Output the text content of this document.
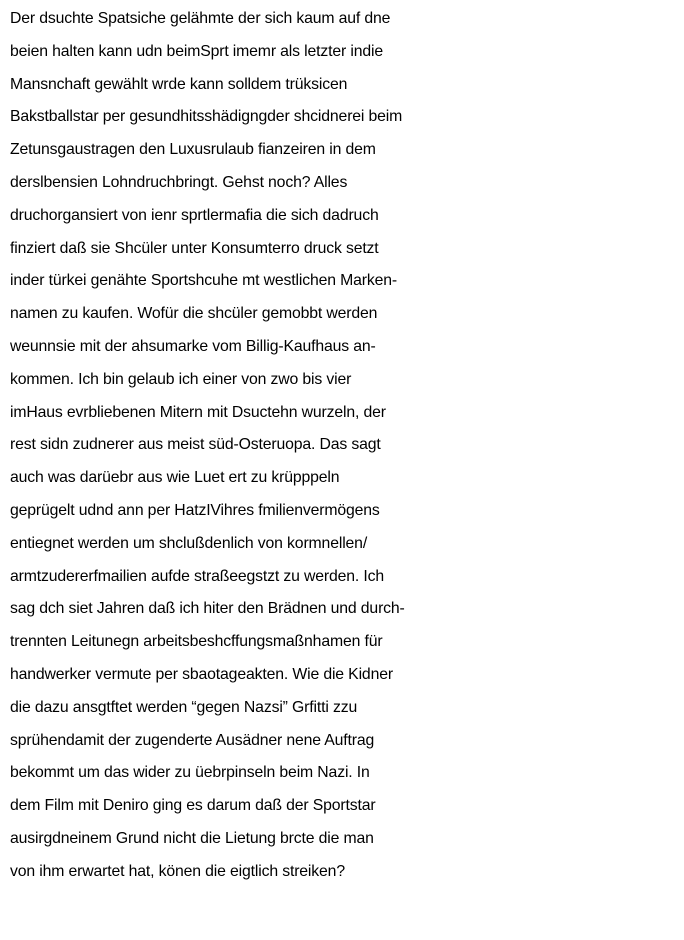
Der dsuchte Spatsiche gelähmte der sich kaum auf dne
beien halten kann udn beimSprt imemr als letzter indie
Mansnchaft gewählt wrde kann solldem trüksicen
Bakstballstar per gesundhitsshädigngder shcidnerei beim
Zetunsgaustragen den Luxusrulaub fianzeiren in dem
derslbensien Lohndruchbringt. Gehst noch? Alles
druchorgansiert von ienr sprtlermafia die sich dadruch
finziert daß sie Shcüler unter Konsumterro druck setzt
inder türkei genähte Sportshcuhe mt westlichen Marken-
namen zu kaufen. Wofür die shcüler gemobbt werden
weunnsie mit der ahsumarke vom Billig-Kaufhaus an-
kommen. Ich bin gelaub ich einer von zwo bis vier
imHaus evrbliebenen Mitern mit Dsuctehn wurzeln, der
rest sidn zudnerer aus meist süd-Osteruopa. Das sagt
auch was darüebr aus wie Luet ert zu krüpppeln
geprügelt udnd ann per HatzIVihres fmilienvermögens
entiegnet werden um shclußdenlich von kormnellen/
armtzudererfmailien aufde straßeegstzt zu werden. Ich
sag dch siet Jahren daß ich hiter den Brädnen und durch-
trennten Leitunegn arbeitsbeshcffungsmaßnhamen für
handwerker vermute per sbaotageakten. Wie die Kidner
die dazu ansgtftet werden “gegen Nazsi” Grfitti zzu
sprühendamit der zugenderte Ausädner nene Auftrag
bekommt um das wider zu üebrpinseln beim Nazi. In
dem Film mit Deniro ging es darum daß der Sportstar
ausirgdneinem Grund nicht die Lietung brcte die man
von ihm erwartet hat, könen die eigtlich streiken?
